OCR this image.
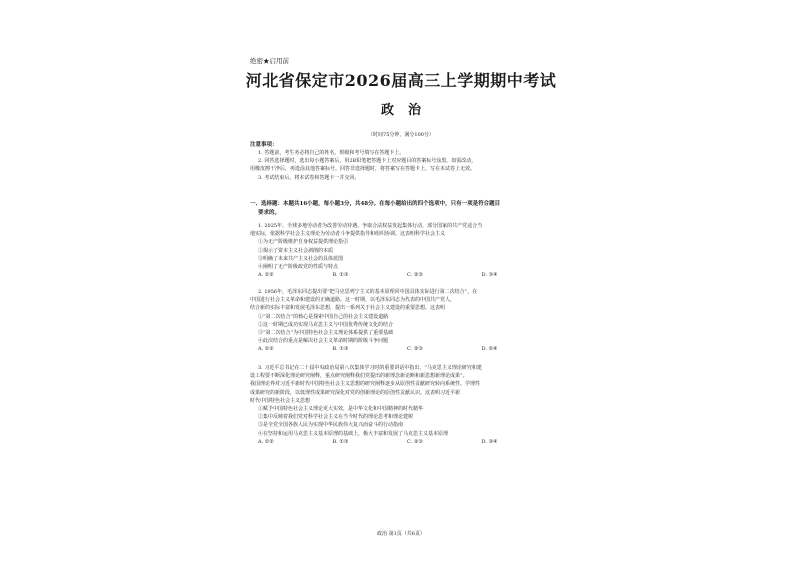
绝密★启用前
河北省保定市2026届高三上学期期中考试
政治
（时间75分钟，满分100分）
注意事项：
1. 答题前，考生务必将自己的姓名、班级和考号填写在答题卡上。
2. 回答选择题时，选出每小题答案后，用2B铅笔把答题卡上对应题目的答案标号涂黑，如需改动，
用橡皮擦干净后，再选涂其他答案标号。回答非选择题时，将答案写在答题卡上，写在本试卷上无效。
3. 考试结束后，将本试卷和答题卡一并交回。
一、选择题：本题共16小题，每小题3分，共48分。在每小题给出的四个选项中，只有一项是符合题目
要求的。
1. 2025年，全球多地劳动者为改善劳动待遇、争取合法权益发起集体行动，部分国家的共产党适合当
地实际，依据科学社会主义理论为劳动者斗争提供指导和组织协调。这表明科学社会主义
①为无产阶级维护自身权益提供理论指引
②揭示了资本主义社会剥削的本质
③明确了未来共产主义社会的具体蓝图
④阐明了无产阶级政党的性质与特点
A. ①②	B. ①③	C. ②③	D. ③④
2. 1956年，毛泽东同志提出要“把马克思列宁主义的基本原理同中国具体实际进行第二次结合”，在
中国进行社会主义革命和建设的正确道路。这一时期，以毛泽东同志为代表的中国共产党人，
结合新的实际丰富和发展毛泽东思想，提出一系列关于社会主义建设的重要思想。这表明
①“第二次结合”的核心是探索中国自己的社会主义建设道路
②这一时期已成功实现马克思主义与中国优秀传统文化的结合
③“第二次结合”为中国特色社会主义理论体系提供了重要基础
④此次结合的重点是解决社会主义革命时期的阶级斗争问题
A. ①②	B. ①③	C. ②③	D. ②④
3. 习近平总书记在二十届中央政治局第八次集体学习时的重要讲话中指出，“马克思主义理论研究和建
设工程要不断深化理论研究阐释，重点研究阐释我们党提出的新理念新论断和新思想新理论成果”。
我国理论界对习近平新时代中国特色社会主义思想的研究阐释逐步从原创性贡献研究转向系统性、学理性
成果研究的新阶段，以低理性成果研究深化对党的创新理论的原创性贡献认识。这表明习近平新
时代中国特色社会主义思想
①赋予中国特色社会主义理论更大实效，是中华文化和中国精神的时代精华
②集中反映着我们党对科学社会主义在当今时代的理论思考和理论建树
③是全党全国各族人民为实现中华民族伟大复兴而奋斗的行动指南
④在坚持和运用马克思主义基本原理的基础上，极大丰富和发展了马克思主义基本原理
A. ①②	B. ①③	C. ②③	D. ③④
政治 第1页（共6页）
